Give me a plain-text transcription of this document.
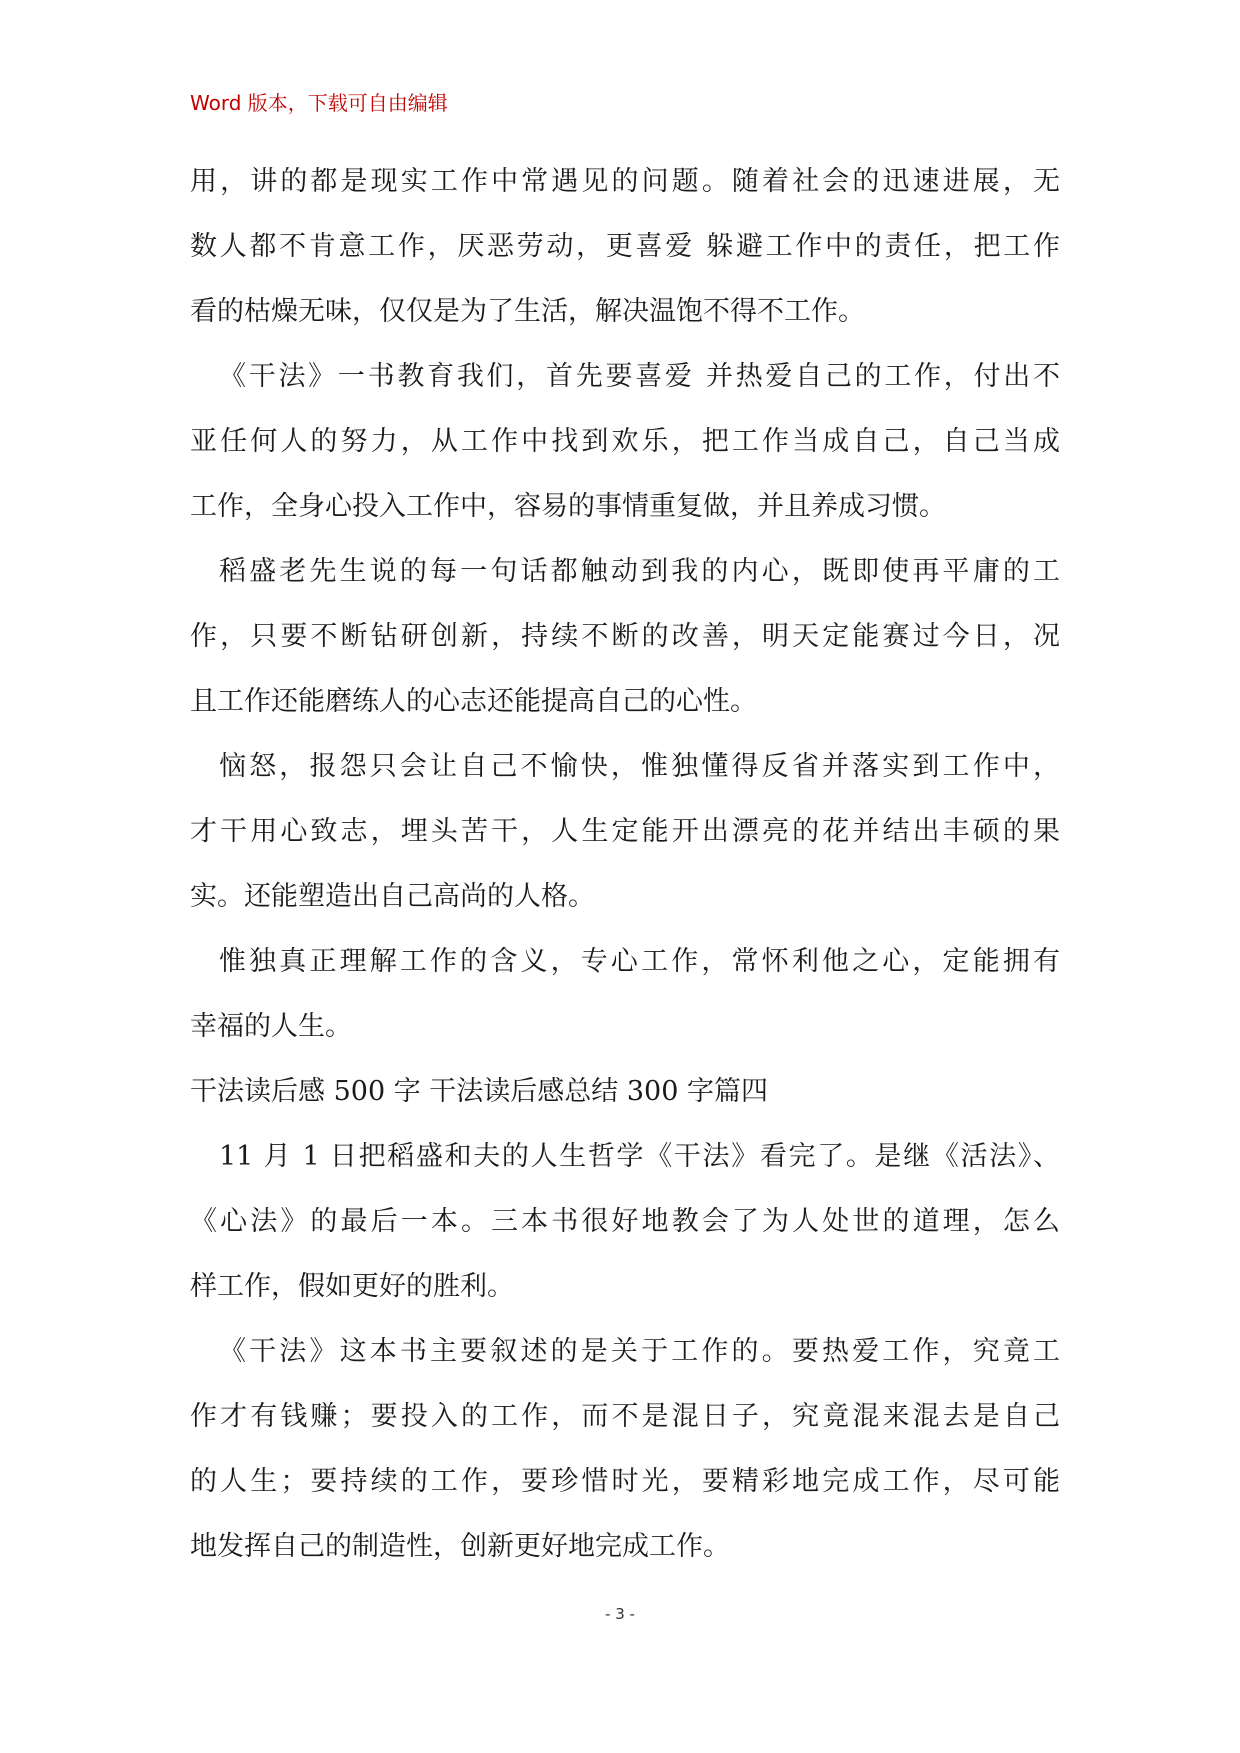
Word 版本，下载可自由编辑
用，讲的都是现实工作中常遇见的问题。随着社会的迅速进展，无
数人都不肯意工作，厌恶劳动，更喜爱 躲避工作中的责任，把工作
看的枯燥无味，仅仅是为了生活，解决温饱不得不工作。
《干法》一书教育我们，首先要喜爱 并热爱自己的工作，付出不
亚任何人的努力，从工作中找到欢乐，把工作当成自己，自己当成
工作，全身心投入工作中，容易的事情重复做，并且养成习惯。
稻盛老先生说的每一句话都触动到我的内心，既即使再平庸的工
作，只要不断钻研创新，持续不断的改善，明天定能赛过今日，况
且工作还能磨练人的心志还能提高自己的心性。
恼怒，报怨只会让自己不愉快，惟独懂得反省并落实到工作中，
才干用心致志，埋头苦干，人生定能开出漂亮的花并结出丰硕的果
实。还能塑造出自己高尚的人格。
惟独真正理解工作的含义，专心工作，常怀利他之心，定能拥有
幸福的人生。
干法读后感 500 字 干法读后感总结 300 字篇四
11 月 1 日把稻盛和夫的人生哲学《干法》看完了。是继《活法》、
《心法》的最后一本。三本书很好地教会了为人处世的道理，怎么
样工作，假如更好的胜利。
《干法》这本书主要叙述的是关于工作的。要热爱工作，究竟工
作才有钱赚；要投入的工作，而不是混日子，究竟混来混去是自己
的人生；要持续的工作，要珍惜时光，要精彩地完成工作，尽可能
地发挥自己的制造性，创新更好地完成工作。
- 3 -
